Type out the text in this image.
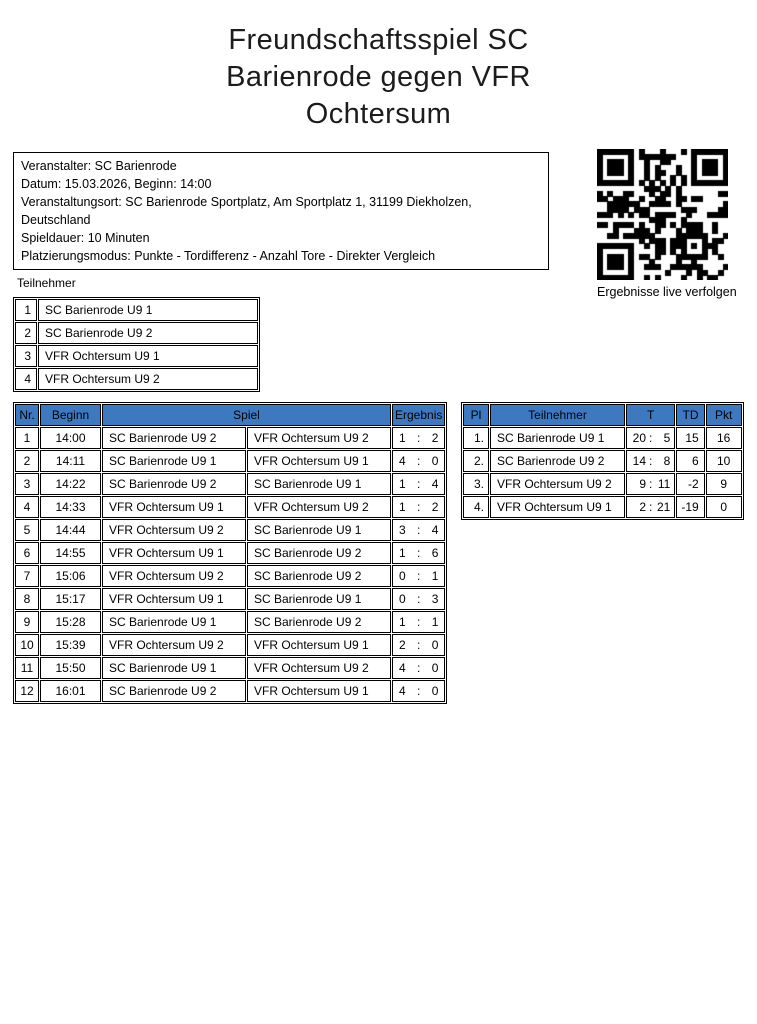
Freundschaftsspiel SC
Barienrode gegen VFR
Ochtersum
Veranstalter: SC Barienrode
Datum: 15.03.2026, Beginn: 14:00
Veranstaltungsort: SC Barienrode Sportplatz, Am Sportplatz 1, 31199 Diekholzen, Deutschland
Spieldauer: 10 Minuten
Platzierungsmodus: Punkte - Tordifferenz - Anzahl Tore - Direkter Vergleich
Ergebnisse live verfolgen
Teilnehmer
1	SC Barienrode U9 1
2	SC Barienrode U9 2
3	VFR Ochtersum U9 1
4	VFR Ochtersum U9 2
Nr.	Beginn	Spiel		Ergebnis
1	14:00	SC Barienrode U9 2	VFR Ochtersum U9 2	1 : 2

2	14:11	SC Barienrode U9 1	VFR Ochtersum U9 1	4 : 0

3	14:22	SC Barienrode U9 2	SC Barienrode U9 1	1 : 4

4	14:33	VFR Ochtersum U9 1	VFR Ochtersum U9 2	1 : 2

5	14:44	VFR Ochtersum U9 2	SC Barienrode U9 1	3 : 4

6	14:55	VFR Ochtersum U9 1	SC Barienrode U9 2	1 : 6

7	15:06	VFR Ochtersum U9 2	SC Barienrode U9 2	0 : 1

8	15:17	VFR Ochtersum U9 1	SC Barienrode U9 1	0 : 3

9	15:28	SC Barienrode U9 1	SC Barienrode U9 2	1 : 1

10	15:39	VFR Ochtersum U9 2	VFR Ochtersum U9 1	2 : 0

11	15:50	SC Barienrode U9 1	VFR Ochtersum U9 2	4 : 0

12	16:01	SC Barienrode U9 2	VFR Ochtersum U9 1	4 : 0
Pl	Teilnehmer	T	TD	Pkt
1.	SC Barienrode U9 1	20 : 5	15	16
2.	SC Barienrode U9 2	14 : 8	6	10
3.	VFR Ochtersum U9 2	9 : 11	-2	9
4.	VFR Ochtersum U9 1	2 : 21	-19	0
